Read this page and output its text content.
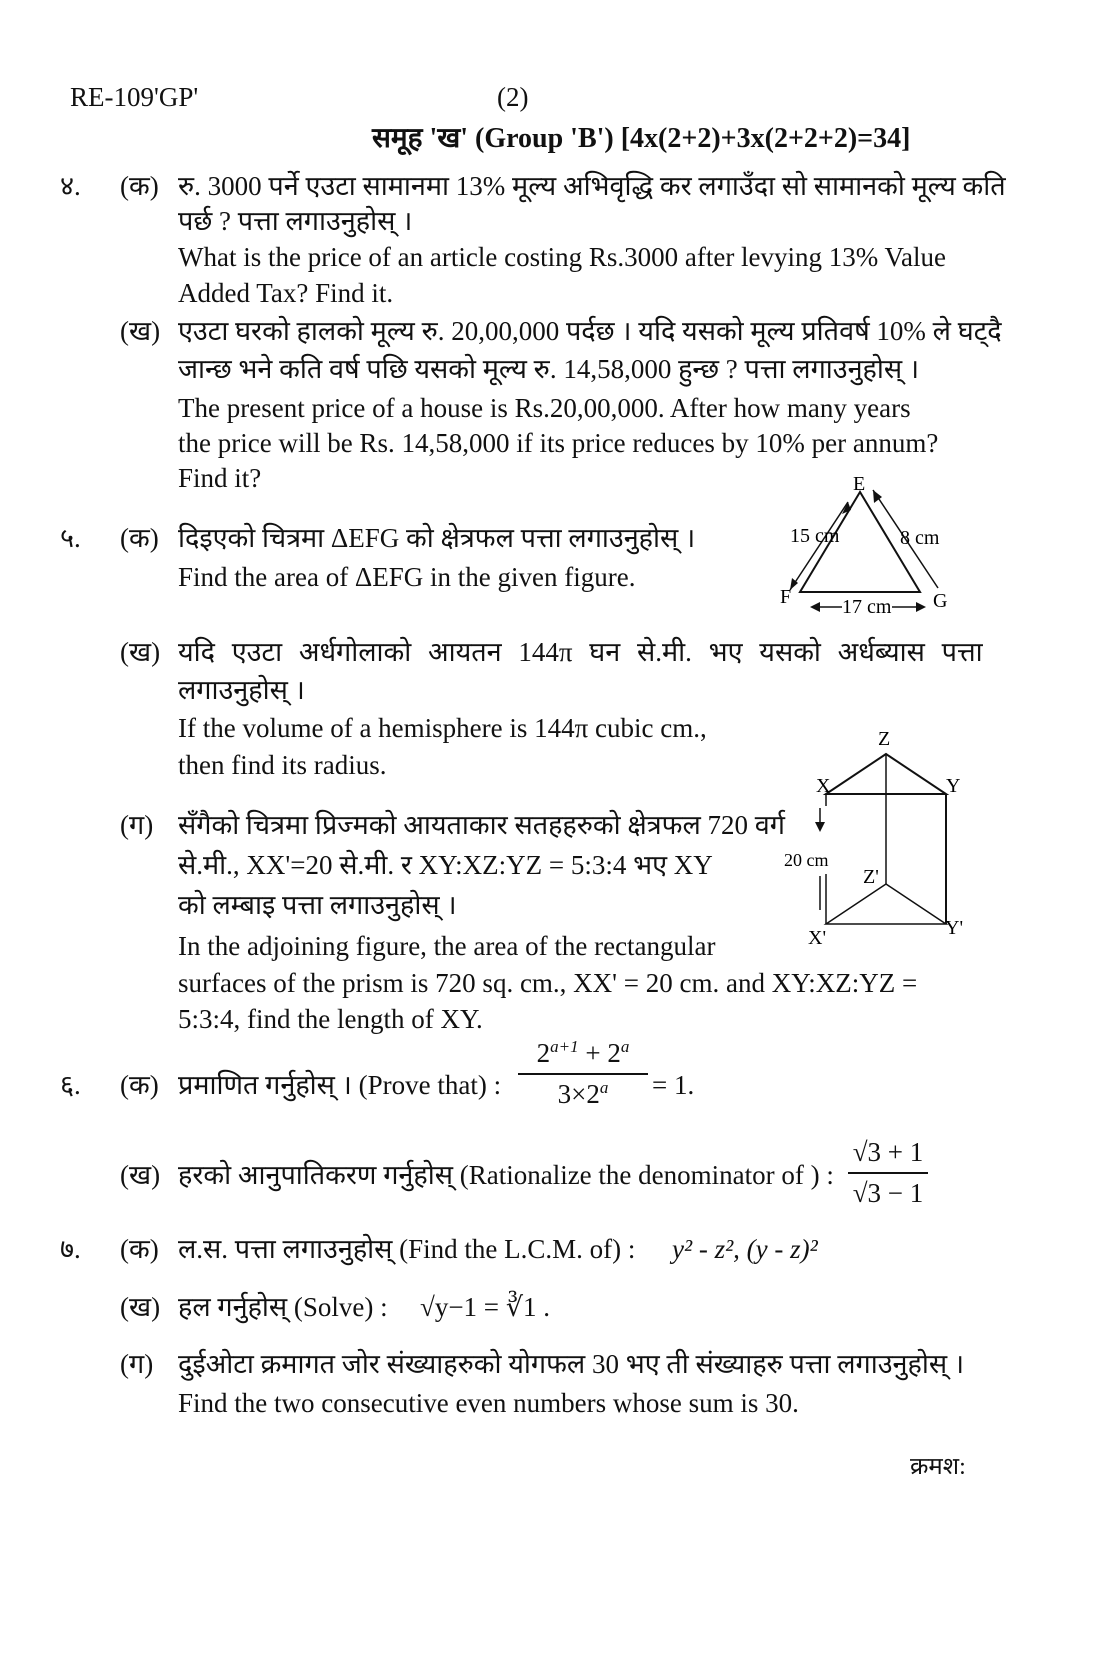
RE-109'GP'	(2)
समूह 'ख' (Group 'B') [4x(2+2)+3x(2+2+2)=34]
४. (क) रु. 3000 पर्ने एउटा सामानमा 13% मूल्य अभिवृद्धि कर लगाउँदा सो सामानको मूल्य कति
पर्छ ? पत्ता लगाउनुहोस् ।
What is the price of an article costing Rs.3000 after levying 13% Value
Added Tax? Find it.
(ख) एउटा घरको हालको मूल्य रु. 20,00,000 पर्दछ । यदि यसको मूल्य प्रतिवर्ष 10% ले घट्दै
जान्छ भने कति वर्ष पछि यसको मूल्य रु. 14,58,000 हुन्छ ? पत्ता लगाउनुहोस् ।
The present price of a house is Rs.20,00,000. After how many years
the price will be Rs. 14,58,000 if its price reduces by 10% per annum?
Find it?
५. (क) दिइएको चित्रमा ΔEFG को क्षेत्रफल पत्ता लगाउनुहोस् ।
Find the area of ΔEFG in the given figure.
E
F	G
15 cm	8 cm
17 cm
(ख) यदि एउटा अर्धगोलाको आयतन 144π घन से.मी. भए यसको अर्धब्यास पत्ता
लगाउनुहोस् ।
If the volume of a hemisphere is 144π cubic cm.,
then find its radius.
Z
X	Y
Z'
X'	Y'
20 cm
(ग) सँगैको चित्रमा प्रिज्मको आयताकार सतहहरुको क्षेत्रफल 720 वर्ग
से.मी., XX'=20 से.मी. र XY:XZ:YZ = 5:3:4 भए XY
को लम्बाइ पत्ता लगाउनुहोस् ।
In the adjoining figure, the area of the rectangular
surfaces of the prism is 720 sq. cm., XX' = 20 cm. and XY:XZ:YZ =
5:3:4, find the length of XY.
६. (क) प्रमाणित गर्नुहोस् । (Prove that) :
$2^{a+1} + 2^a$
$3\times 2^a$	= 1.
(ख) हरको आनुपातिकरण गर्नुहोस् (Rationalize the denominator of ) :
√3 + 1
√3 − 1
७. (क) ल.स. पत्ता लगाउनुहोस् (Find the L.C.M. of) : y² - z², (y - z)²
(ख) हल गर्नुहोस् (Solve) : √y−1 = ∛1 .
(ग) दुईओटा क्रमागत जोर संख्याहरुको योगफल 30 भए ती संख्याहरु पत्ता लगाउनुहोस् ।
Find the two consecutive even numbers whose sum is 30.
क्रमश:
